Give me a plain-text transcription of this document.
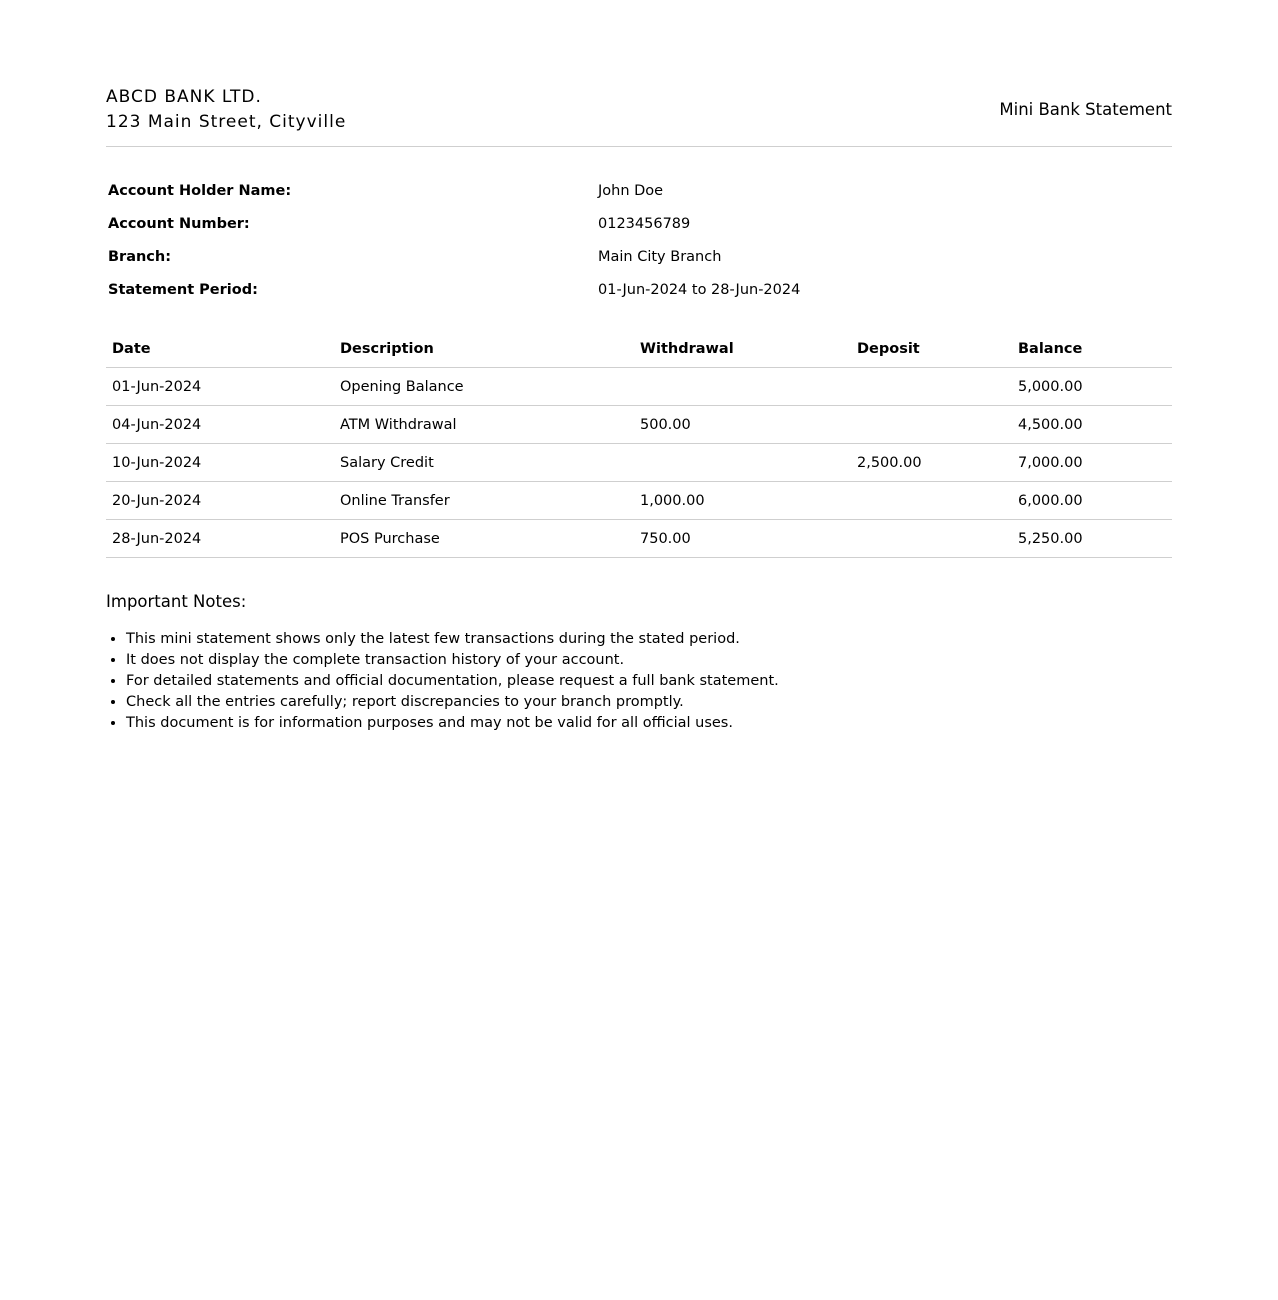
ABCD BANK LTD.
123 Main Street, Cityville
Mini Bank Statement
Account Holder Name:	John Doe
Account Number:	0123456789
Branch:	Main City Branch
Statement Period:	01-Jun-2024 to 28-Jun-2024
Date	Description	Withdrawal	Deposit	Balance
01-Jun-2024	Opening Balance			5,000.00
04-Jun-2024	ATM Withdrawal	500.00		4,500.00
10-Jun-2024	Salary Credit		2,500.00	7,000.00
20-Jun-2024	Online Transfer	1,000.00		6,000.00
28-Jun-2024	POS Purchase	750.00		5,250.00
Important Notes:
• This mini statement shows only the latest few transactions during the stated period.
• It does not display the complete transaction history of your account.
• For detailed statements and official documentation, please request a full bank statement.
• Check all the entries carefully; report discrepancies to your branch promptly.
• This document is for information purposes and may not be valid for all official uses.
